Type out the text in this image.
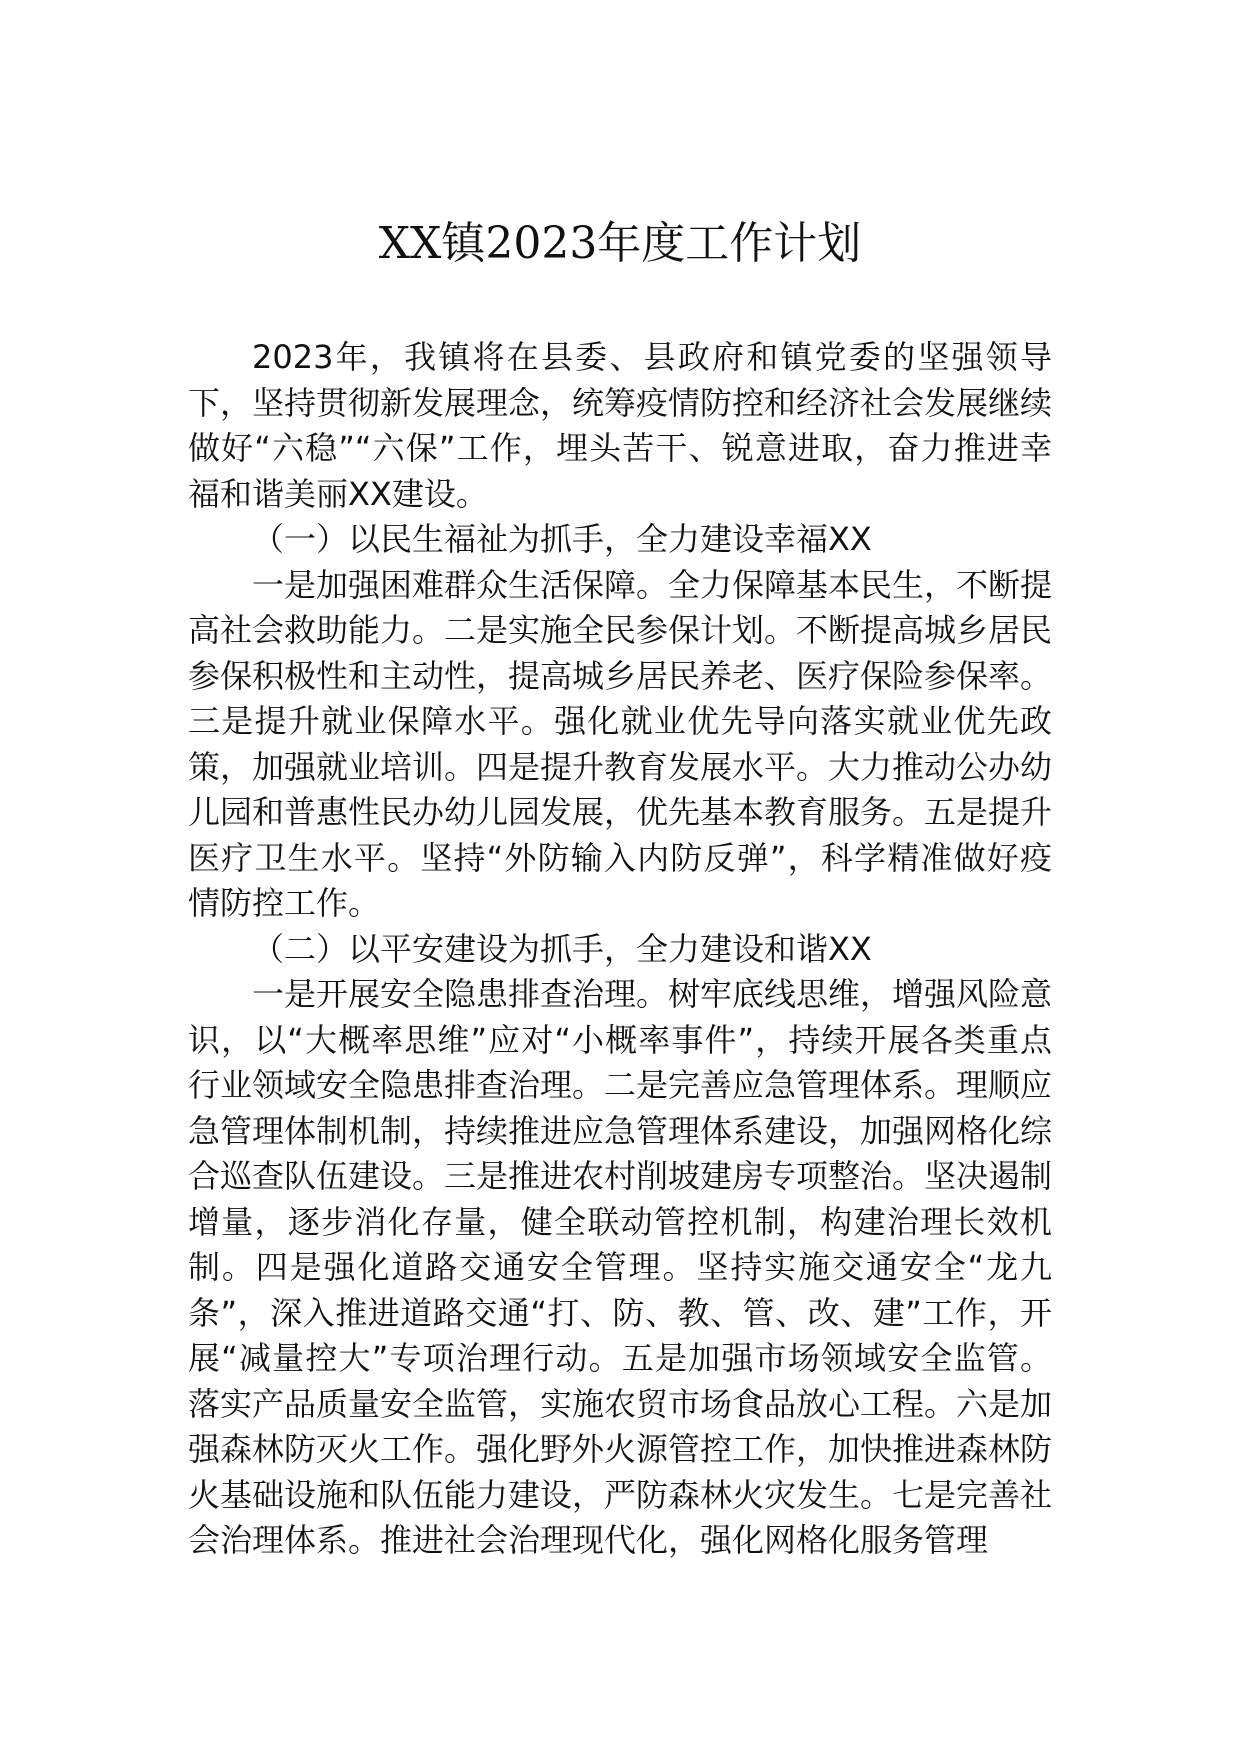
XX镇2023年度工作计划

2023年，我镇将在县委、县政府和镇党委的坚强领导下，坚持贯彻新发展理念，统筹疫情防控和经济社会发展继续做好“六稳”“六保”工作，埋头苦干、锐意进取，奋力推进幸福和谐美丽XX建设。

（一）以民生福祉为抓手，全力建设幸福XX

一是加强困难群众生活保障。全力保障基本民生，不断提高社会救助能力。二是实施全民参保计划。不断提高城乡居民参保积极性和主动性，提高城乡居民养老、医疗保险参保率。三是提升就业保障水平。强化就业优先导向落实就业优先政策，加强就业培训。四是提升教育发展水平。大力推动公办幼儿园和普惠性民办幼儿园发展，优先基本教育服务。五是提升医疗卫生水平。坚持“外防输入内防反弹”，科学精准做好疫情防控工作。

（二）以平安建设为抓手，全力建设和谐XX

一是开展安全隐患排查治理。树牢底线思维，增强风险意识，以“大概率思维”应对“小概率事件”，持续开展各类重点行业领域安全隐患排查治理。二是完善应急管理体系。理顺应急管理体制机制，持续推进应急管理体系建设，加强网格化综合巡查队伍建设。三是推进农村削坡建房专项整治。坚决遏制增量，逐步消化存量，健全联动管控机制，构建治理长效机制。四是强化道路交通安全管理。坚持实施交通安全“龙九条”，深入推进道路交通“打、防、教、管、改、建”工作，开展“减量控大”专项治理行动。五是加强市场领域安全监管。落实产品质量安全监管，实施农贸市场食品放心工程。六是加强森林防灭火工作。强化野外火源管控工作，加快推进森林防火基础设施和队伍能力建设，严防森林火灾发生。七是完善社会治理体系。推进社会治理现代化，强化网格化服务管理
